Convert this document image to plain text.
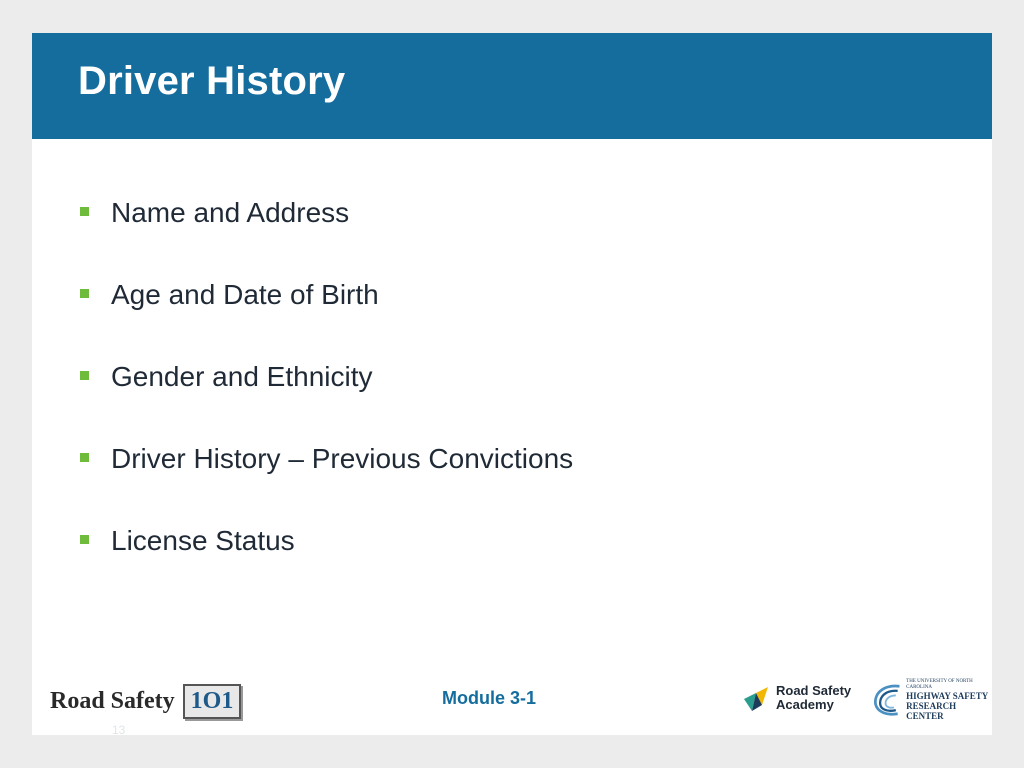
Driver History
Name and Address
Age and Date of Birth
Gender and Ethnicity
Driver History – Previous Convictions
License Status
Road Safety 1O1	Module 3-1
13
Road Safety
Academy
THE UNIVERSITY OF NORTH CAROLINA
HIGHWAY SAFETY
RESEARCH CENTER
